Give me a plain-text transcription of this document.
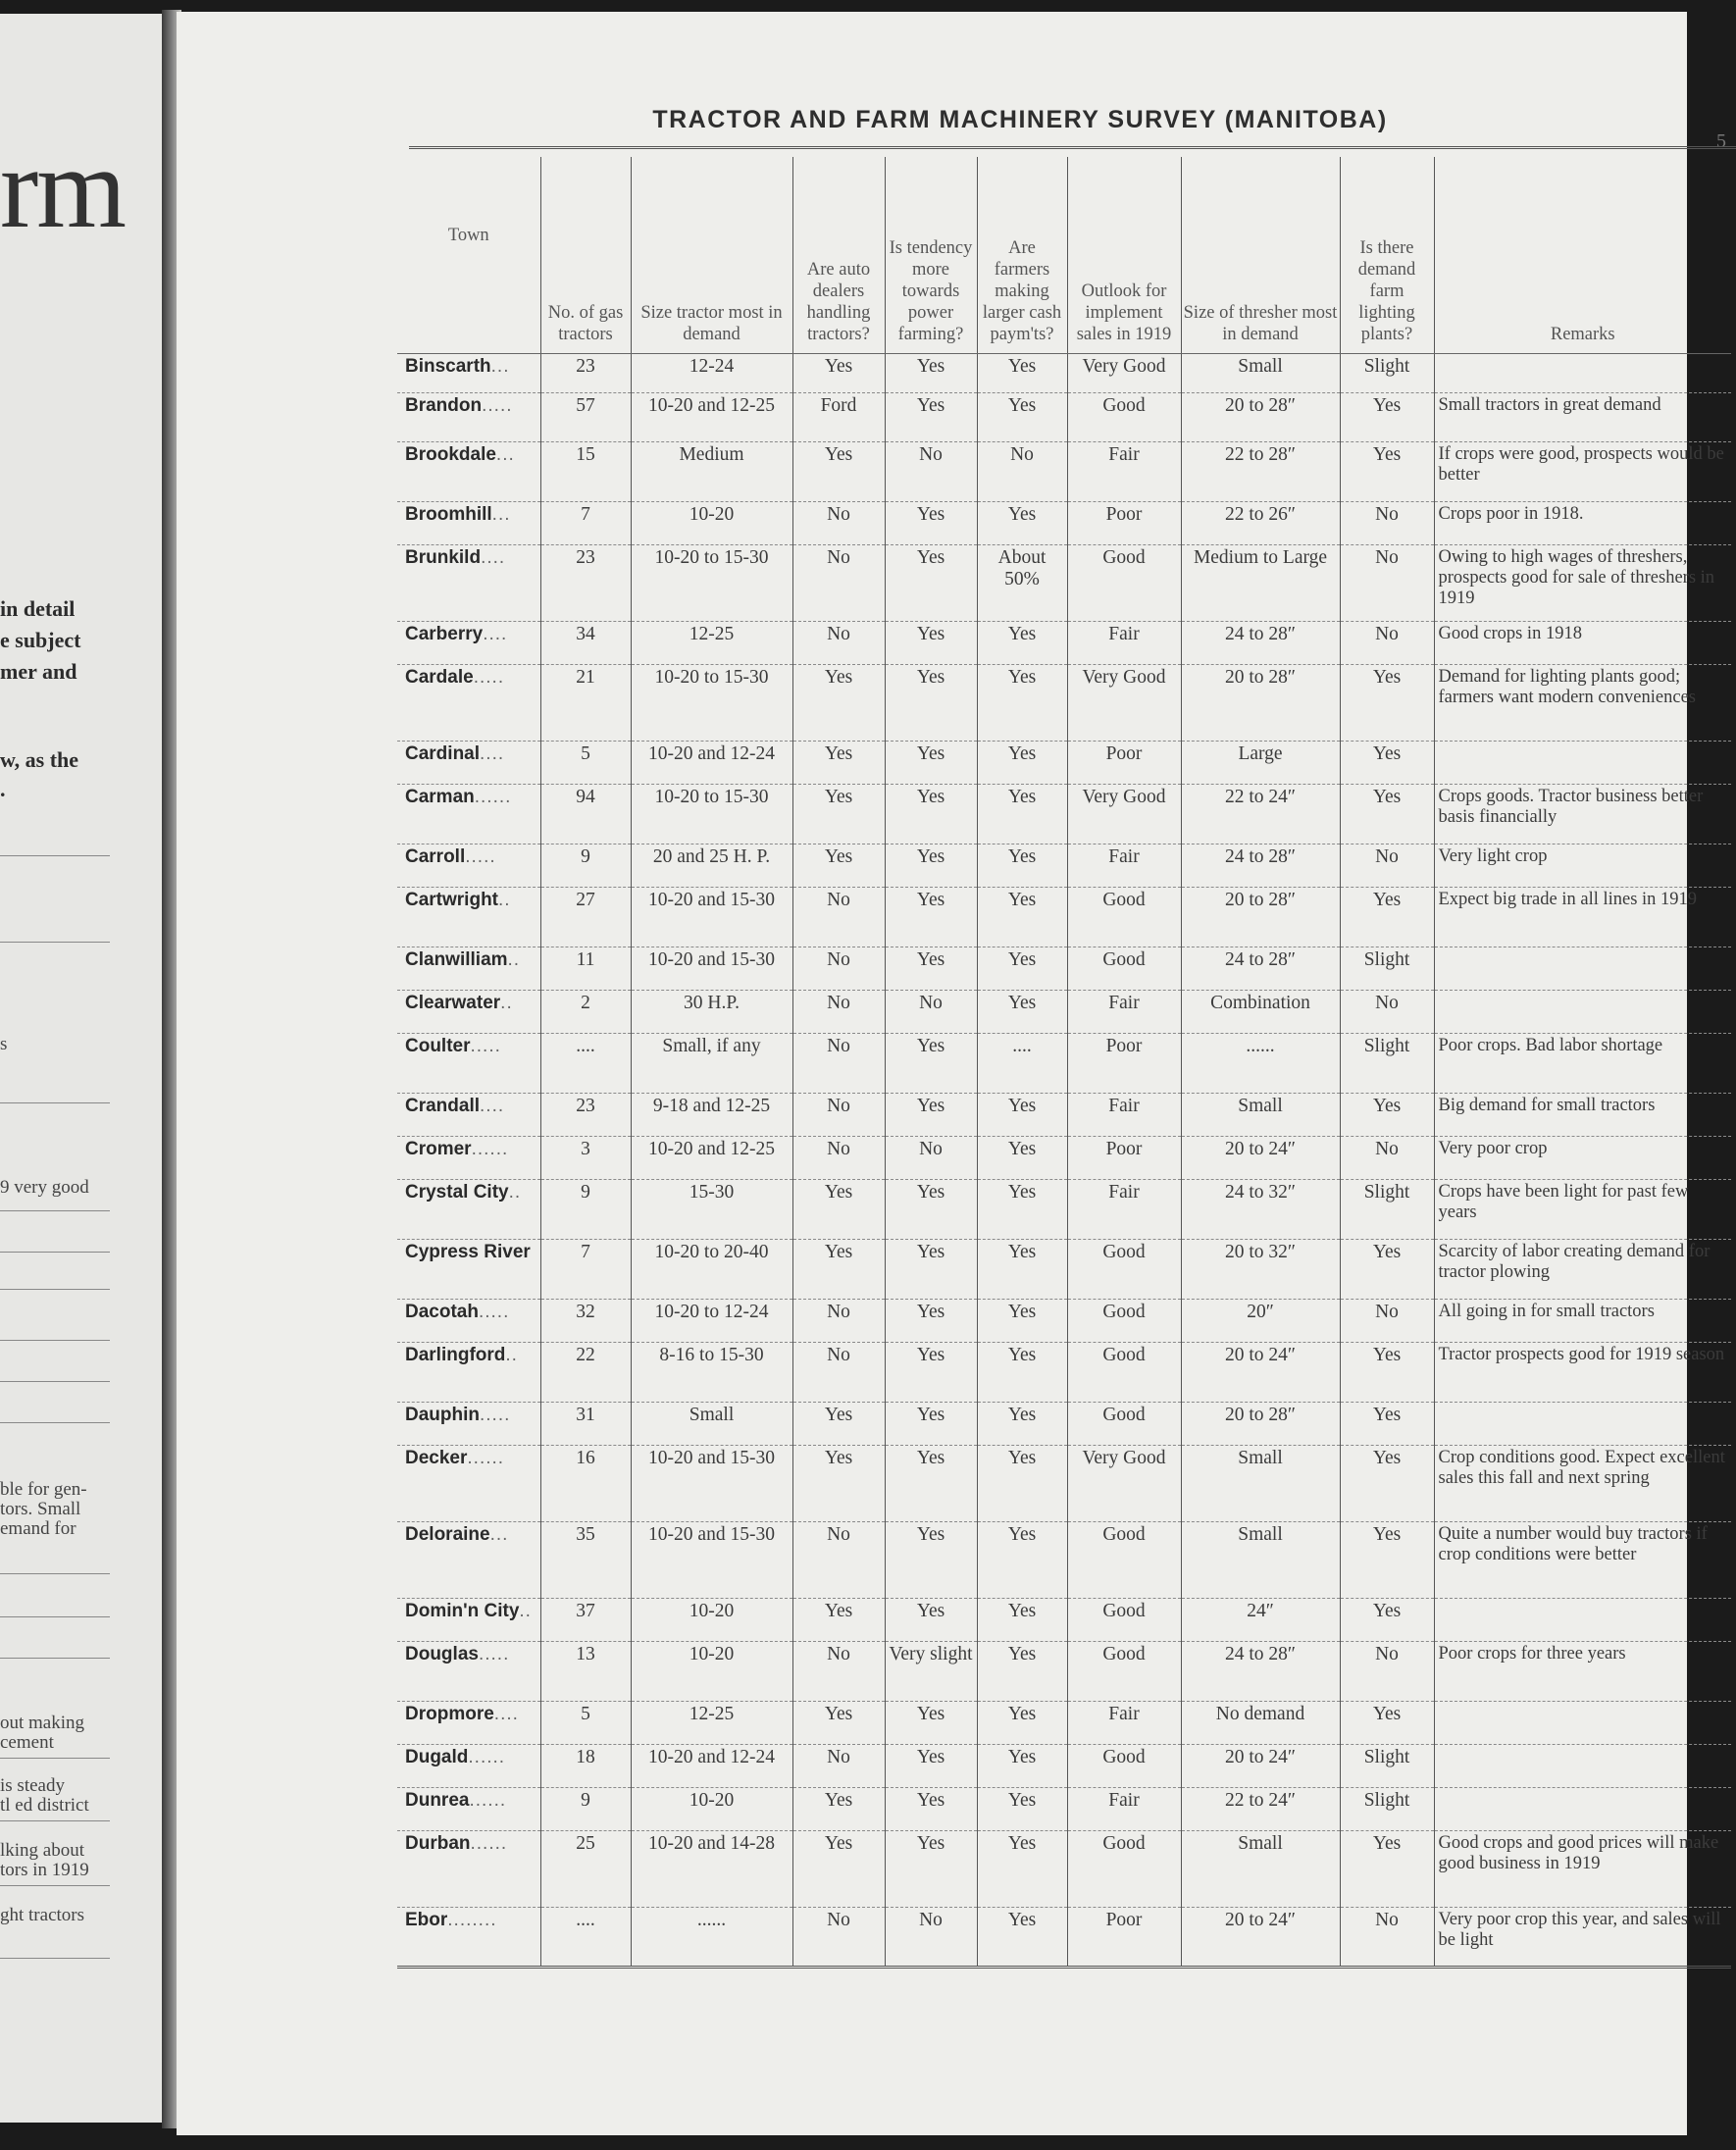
rm
in detail
e subject
mer and
w, as the
.
s
9 very good
ble for gen-
tors. Small
emand for
out making
cement
is steady
tl ed district
lking about
tors in 1919
ght tractors
TRACTOR AND FARM MACHINERY SURVEY (MANITOBA)
5
Town	No. of gas tractors	Size tractor most in demand	Are auto dealers handling tractors?	Is tendency more towards power farming?	Are farmers making larger cash paym'ts?	Outlook for implement sales in 1919	Size of thresher most in demand	Is there demand farm lighting plants?	Remarks
Binscarth...	23	12-24	Yes	Yes	Yes	Very Good	Small	Slight	
Brandon.....	57	10-20 and 12-25	Ford	Yes	Yes	Good	20 to 28″	Yes	Small tractors in great demand
Brookdale...	15	Medium	Yes	No	No	Fair	22 to 28″	Yes	If crops were good, prospects would be better
Broomhill...	7	10-20	No	Yes	Yes	Poor	22 to 26″	No	Crops poor in 1918.
Brunkild....	23	10-20 to 15-30	No	Yes	About 50%	Good	Medium to Large	No	Owing to high wages of threshers, prospects good for sale of threshers in 1919
Carberry....	34	12-25	No	Yes	Yes	Fair	24 to 28″	No	Good crops in 1918
Cardale.....	21	10-20 to 15-30	Yes	Yes	Yes	Very Good	20 to 28″	Yes	Demand for lighting plants good; farmers want modern conveniences
Cardinal....	5	10-20 and 12-24	Yes	Yes	Yes	Poor	Large	Yes	
Carman......	94	10-20 to 15-30	Yes	Yes	Yes	Very Good	22 to 24″	Yes	Crops goods. Tractor business better basis financially
Carroll.....	9	20 and 25 H. P.	Yes	Yes	Yes	Fair	24 to 28″	No	Very light crop
Cartwright..	27	10-20 and 15-30	No	Yes	Yes	Good	20 to 28″	Yes	Expect big trade in all lines in 1919
Clanwilliam..	11	10-20 and 15-30	No	Yes	Yes	Good	24 to 28″	Slight	
Clearwater..	2	30 H.P.	No	No	Yes	Fair	Combination	No	
Coulter.....	....	Small, if any	No	Yes	....	Poor	......	Slight	Poor crops. Bad labor shortage
Crandall....	23	9-18 and 12-25	No	Yes	Yes	Fair	Small	Yes	Big demand for small tractors
Cromer......	3	10-20 and 12-25	No	No	Yes	Poor	20 to 24″	No	Very poor crop
Crystal City..	9	15-30	Yes	Yes	Yes	Fair	24 to 32″	Slight	Crops have been light for past few years
Cypress River	7	10-20 to 20-40	Yes	Yes	Yes	Good	20 to 32″	Yes	Scarcity of labor creating demand for tractor plowing
Dacotah.....	32	10-20 to 12-24	No	Yes	Yes	Good	20″	No	All going in for small tractors
Darlingford..	22	8-16 to 15-30	No	Yes	Yes	Good	20 to 24″	Yes	Tractor prospects good for 1919 season
Dauphin.....	31	Small	Yes	Yes	Yes	Good	20 to 28″	Yes	
Decker......	16	10-20 and 15-30	Yes	Yes	Yes	Very Good	Small	Yes	Crop conditions good. Expect excellent sales this fall and next spring
Deloraine...	35	10-20 and 15-30	No	Yes	Yes	Good	Small	Yes	Quite a number would buy tractors if crop conditions were better
Domin'n City..	37	10-20	Yes	Yes	Yes	Good	24″	Yes	
Douglas.....	13	10-20	No	Very slight	Yes	Good	24 to 28″	No	Poor crops for three years
Dropmore....	5	12-25	Yes	Yes	Yes	Fair	No demand	Yes	
Dugald......	18	10-20 and 12-24	No	Yes	Yes	Good	20 to 24″	Slight	
Dunrea......	9	10-20	Yes	Yes	Yes	Fair	22 to 24″	Slight	
Durban......	25	10-20 and 14-28	Yes	Yes	Yes	Good	Small	Yes	Good crops and good prices will make good business in 1919
Ebor........	....	......	No	No	Yes	Poor	20 to 24″	No	Very poor crop this year, and sales will be light
